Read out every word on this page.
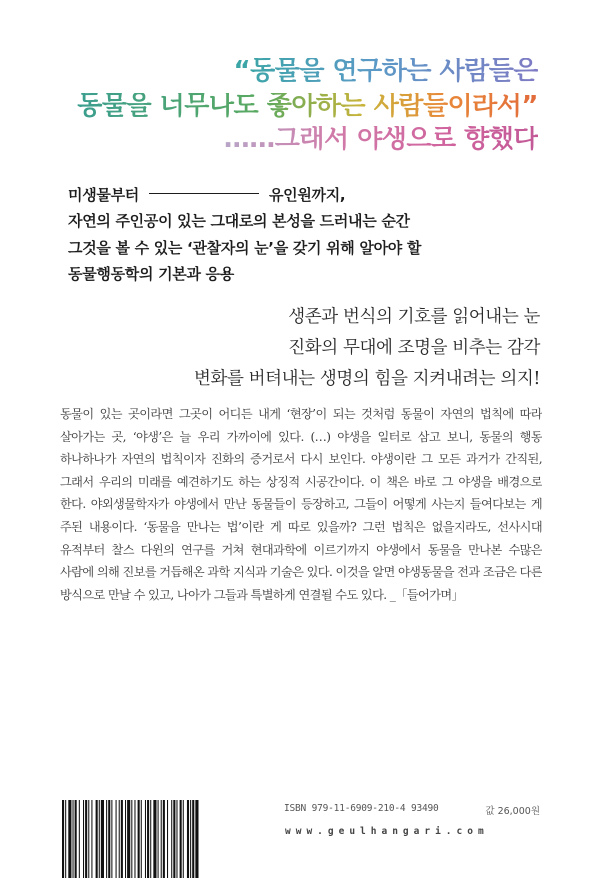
“동물을 연구하는 사람들은

동물을 너무나도 좋아하는 사람들이라서”

……그래서 야생으로 향했다

미생물부터	유인원까지,

자연의 주인공이 있는 그대로의 본성을 드러내는 순간

그것을 볼 수 있는 ‘관찰자의 눈’을 갖기 위해 알아야 할

동물행동학의 기본과 응용

생존과 번식의 기호를 읽어내는 눈

진화의 무대에 조명을 비추는 감각

변화를 버텨내는 생명의 힘을 지켜내려는 의지!

동물이 있는 곳이라면 그곳이 어디든 내게 ‘현장’이 되는 것처럼 동물이 자연의 법칙에 따라 살아가는 곳, ‘야생’은 늘 우리 가까이에 있다. (…) 야생을 일터로 삼고 보니, 동물의 행동 하나하나가 자연의 법칙이자 진화의 증거로서 다시 보인다. 야생이란 그 모든 과거가 간직된, 그래서 우리의 미래를 예견하기도 하는 상징적 시공간이다. 이 책은 바로 그 야생을 배경으로 한다. 야외생물학자가 야생에서 만난 동물들이 등장하고, 그들이 어떻게 사는지 들여다보는 게 주된 내용이다. ‘동물을 만나는 법’이란 게 따로 있을까? 그런 법칙은 없을지라도, 선사시대 유적부터 찰스 다윈의 연구를 거쳐 현대과학에 이르기까지 야생에서 동물을 만나본 수많은 사람에 의해 진보를 거듭해온 과학 지식과 기술은 있다. 이것을 알면 야생동물을 전과 조금은 다른 방식으로 만날 수 있고, 나아가 그들과 특별하게 연결될 수도 있다. _「들어가며」

ISBN 979-11-6909-210-4 93490	값 26,000원
www.geulhangari.com
